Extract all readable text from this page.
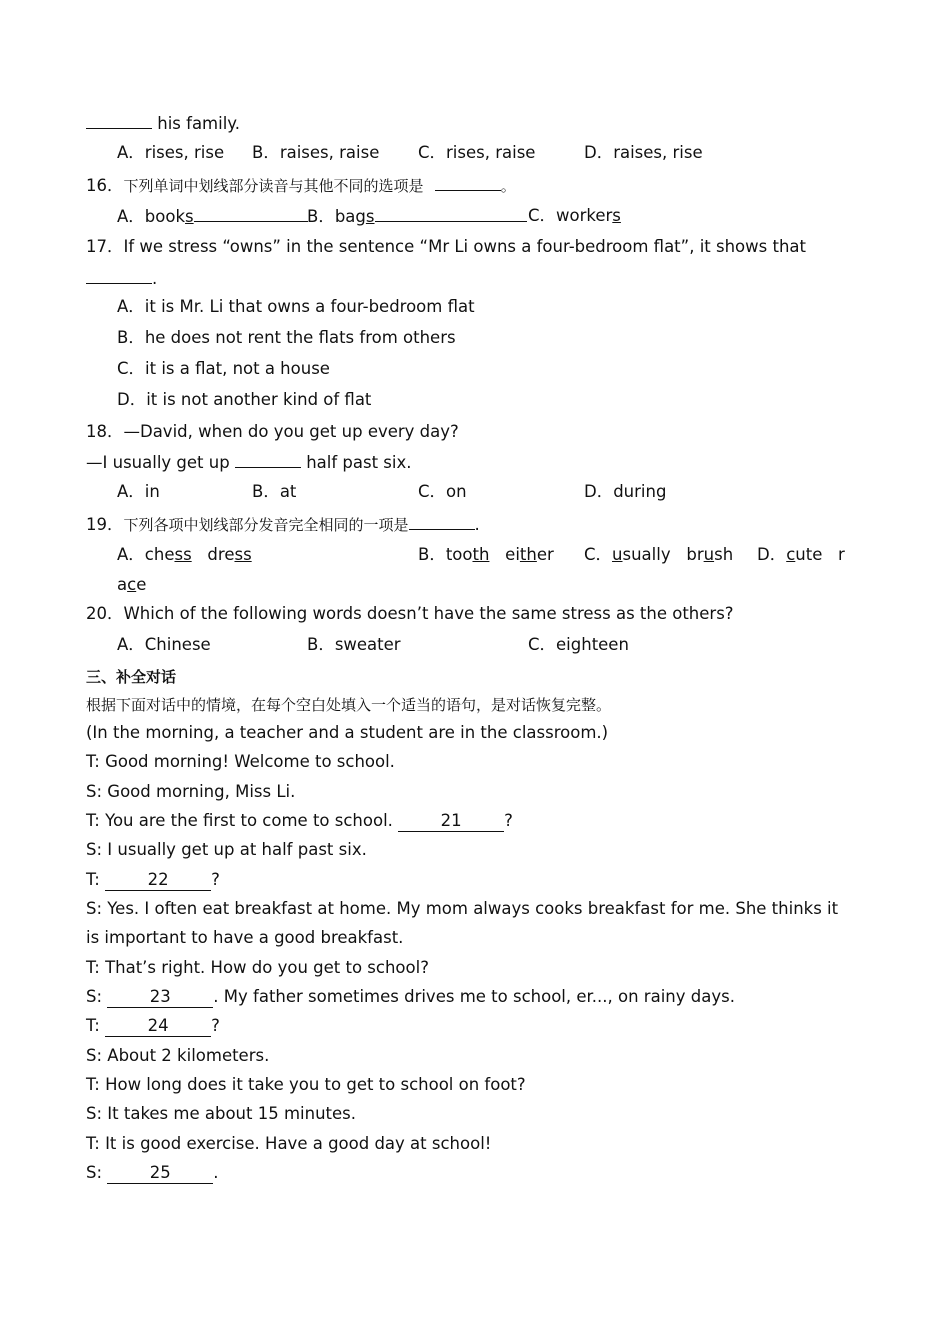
his family.
A．rises, rise B．raises, raise C．rises, raise	D．raises, rise
16．下列单词中划线部分读音与其他不同的选项是	。
A．books	B．bags	C．workers
17．If we stress “owns” in the sentence “Mr Li owns a four-bedroom flat”, it shows that
.
A．it is Mr. Li that owns a four-bedroom flat
B．he does not rent the flats from others
C．it is a flat, not a house
D．it is not another kind of flat
18．—David, when do you get up every day?
—I usually get up	half past six.
A．in	B．at	C．on	D．during
19．下列各项中划线部分发音完全相同的一项是	.
A．chess dress	B．tooth either C．usually brush D．cute r
ace
20．Which of the following words doesn’t have the same stress as the others?
A．Chinese	B．sweater	C．eighteen
三、补全对话
根据下面对话中的情境，在每个空白处填入一个适当的语句，是对话恢复完整。
(In the morning, a teacher and a student are in the classroom.)
T: Good morning! Welcome to school.
S: Good morning, Miss Li.
T: You are the first to come to school.	21	?
S: I usually get up at half past six.
T:	22	?
S: Yes. I often eat breakfast at home. My mom always cooks breakfast for me. She thinks it
is important to have a good breakfast.
T: That’s right. How do you get to school?
S:	23	. My father sometimes drives me to school, er..., on rainy days.
T:	24	?
S: About 2 kilometers.
T: How long does it take you to get to school on foot?
S: It takes me about 15 minutes.
T: It is good exercise. Have a good day at school!
S:	25	.
